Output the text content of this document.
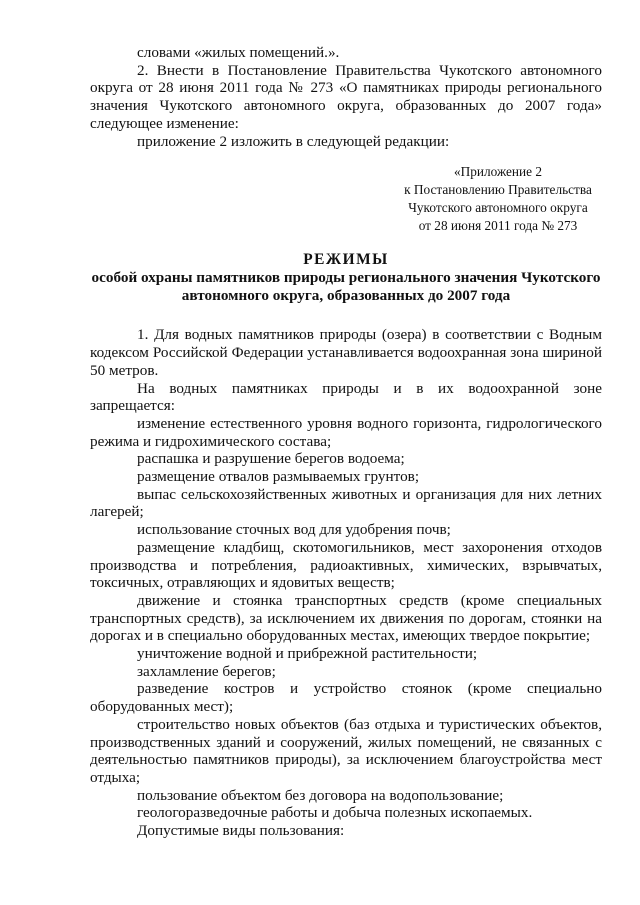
словами «жилых помещений.».

2. Внести в Постановление Правительства Чукотского автономного округа от 28 июня 2011 года № 273 «О памятниках природы регионального значения Чукотского автономного округа, образованных до 2007 года» следующее изменение:

приложение 2 изложить в следующей редакции:

«Приложение 2
к Постановлению Правительства
Чукотского автономного округа
от 28 июня 2011 года № 273
РЕЖИМЫ
особой охраны памятников природы регионального значения Чукотского автономного округа, образованных до 2007 года

1. Для водных памятников природы (озера) в соответствии с Водным кодексом Российской Федерации устанавливается водоохранная зона шириной 50 метров.

На водных памятниках природы и в их водоохранной зоне запрещается:

изменение естественного уровня водного горизонта, гидрологического режима и гидрохимического состава;

распашка и разрушение берегов водоема;

размещение отвалов размываемых грунтов;

выпас сельскохозяйственных животных и организация для них летних лагерей;

использование сточных вод для удобрения почв;

размещение кладбищ, скотомогильников, мест захоронения отходов производства и потребления, радиоактивных, химических, взрывчатых, токсичных, отравляющих и ядовитых веществ;

движение и стоянка транспортных средств (кроме специальных транспортных средств), за исключением их движения по дорогам, стоянки на дорогах и в специально оборудованных местах, имеющих твердое покрытие;

уничтожение водной и прибрежной растительности;

захламление берегов;

разведение костров и устройство стоянок (кроме специально оборудованных мест);

строительство новых объектов (баз отдыха и туристических объектов, производственных зданий и сооружений, жилых помещений, не связанных с деятельностью памятников природы), за исключением благоустройства мест отдыха;

пользование объектом без договора на водопользование;

геологоразведочные работы и добыча полезных ископаемых.

Допустимые виды пользования:
